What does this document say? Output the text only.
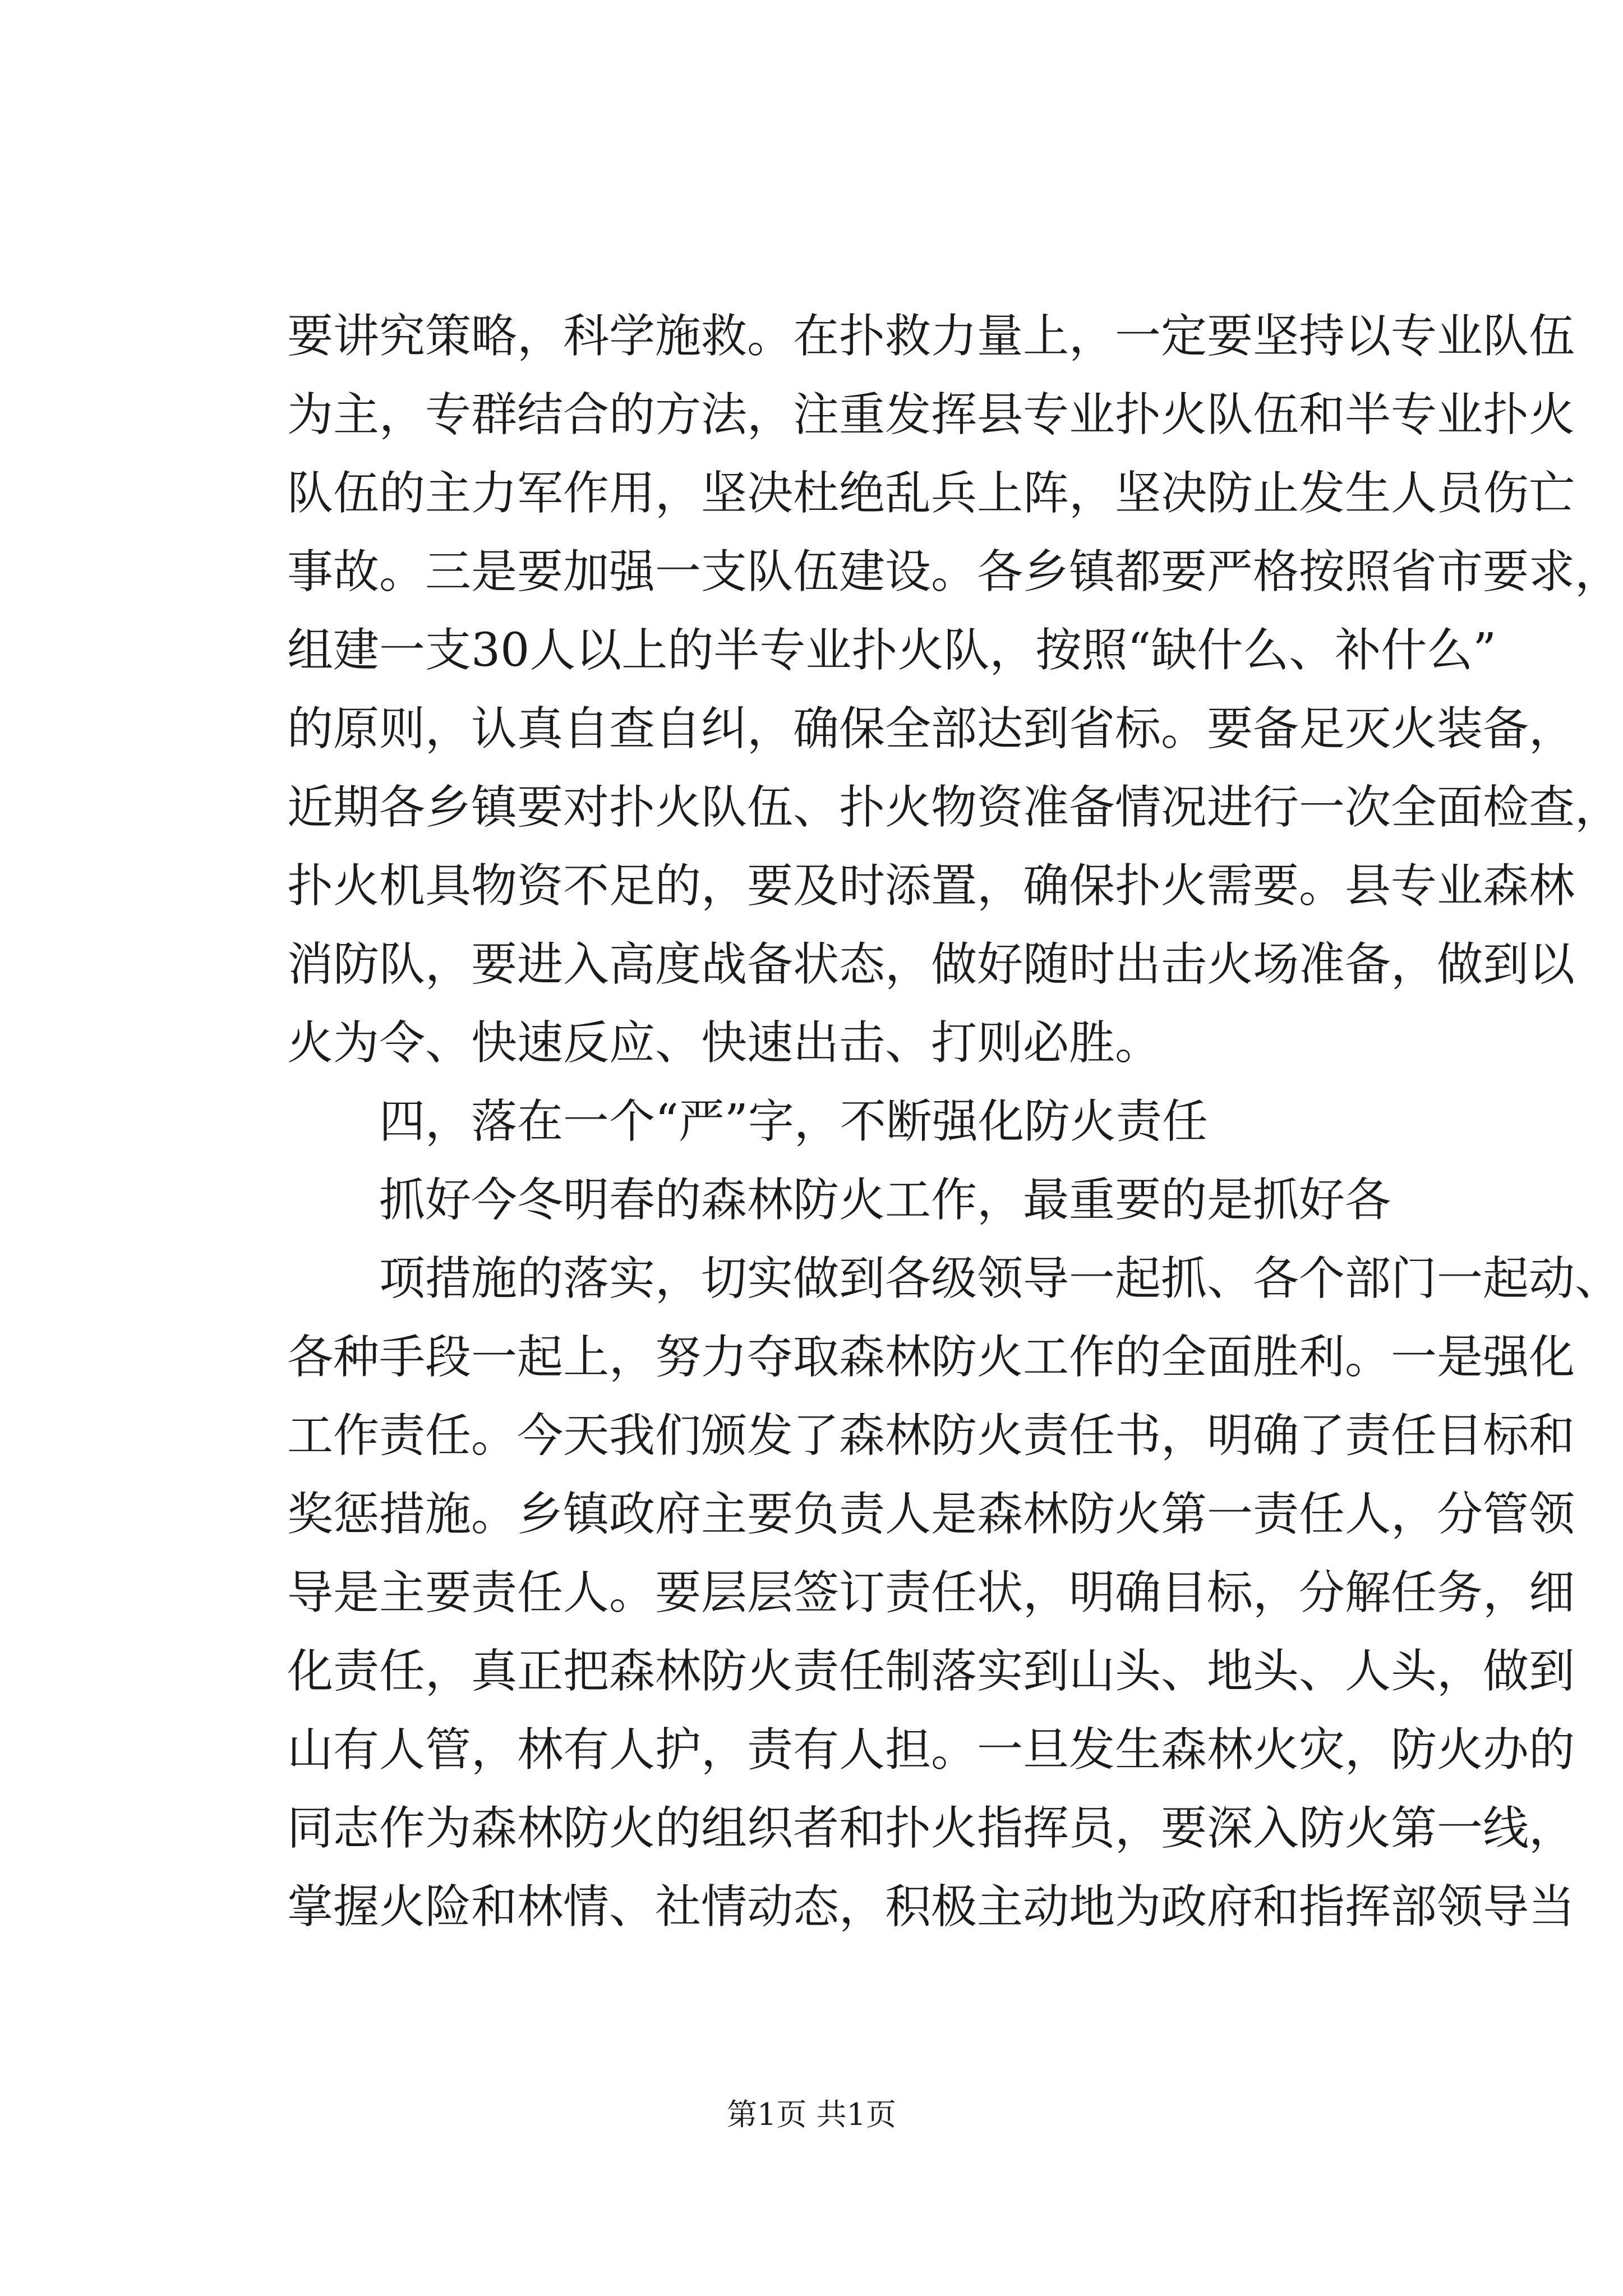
要讲究策略，科学施救。在扑救力量上，一定要坚持以专业队伍
为主，专群结合的方法，注重发挥县专业扑火队伍和半专业扑火
队伍的主力军作用，坚决杜绝乱兵上阵，坚决防止发生人员伤亡
事故。三是要加强一支队伍建设。各乡镇都要严格按照省市要求，
组建一支30人以上的半专业扑火队，按照“缺什么、补什么”
的原则，认真自查自纠，确保全部达到省标。要备足灭火装备，
近期各乡镇要对扑火队伍、扑火物资准备情况进行一次全面检查，
扑火机具物资不足的，要及时添置，确保扑火需要。县专业森林
消防队，要进入高度战备状态，做好随时出击火场准备，做到以
火为令、快速反应、快速出击、打则必胜。
四，落在一个“严”字，不断强化防火责任
抓好今冬明春的森林防火工作，最重要的是抓好各
项措施的落实，切实做到各级领导一起抓、各个部门一起动、
各种手段一起上，努力夺取森林防火工作的全面胜利。一是强化
工作责任。今天我们颁发了森林防火责任书，明确了责任目标和
奖惩措施。乡镇政府主要负责人是森林防火第一责任人，分管领
导是主要责任人。要层层签订责任状，明确目标，分解任务，细
化责任，真正把森林防火责任制落实到山头、地头、人头，做到
山有人管，林有人护，责有人担。一旦发生森林火灾，防火办的
同志作为森林防火的组织者和扑火指挥员，要深入防火第一线，
掌握火险和林情、社情动态，积极主动地为政府和指挥部领导当
第1页 共1页
